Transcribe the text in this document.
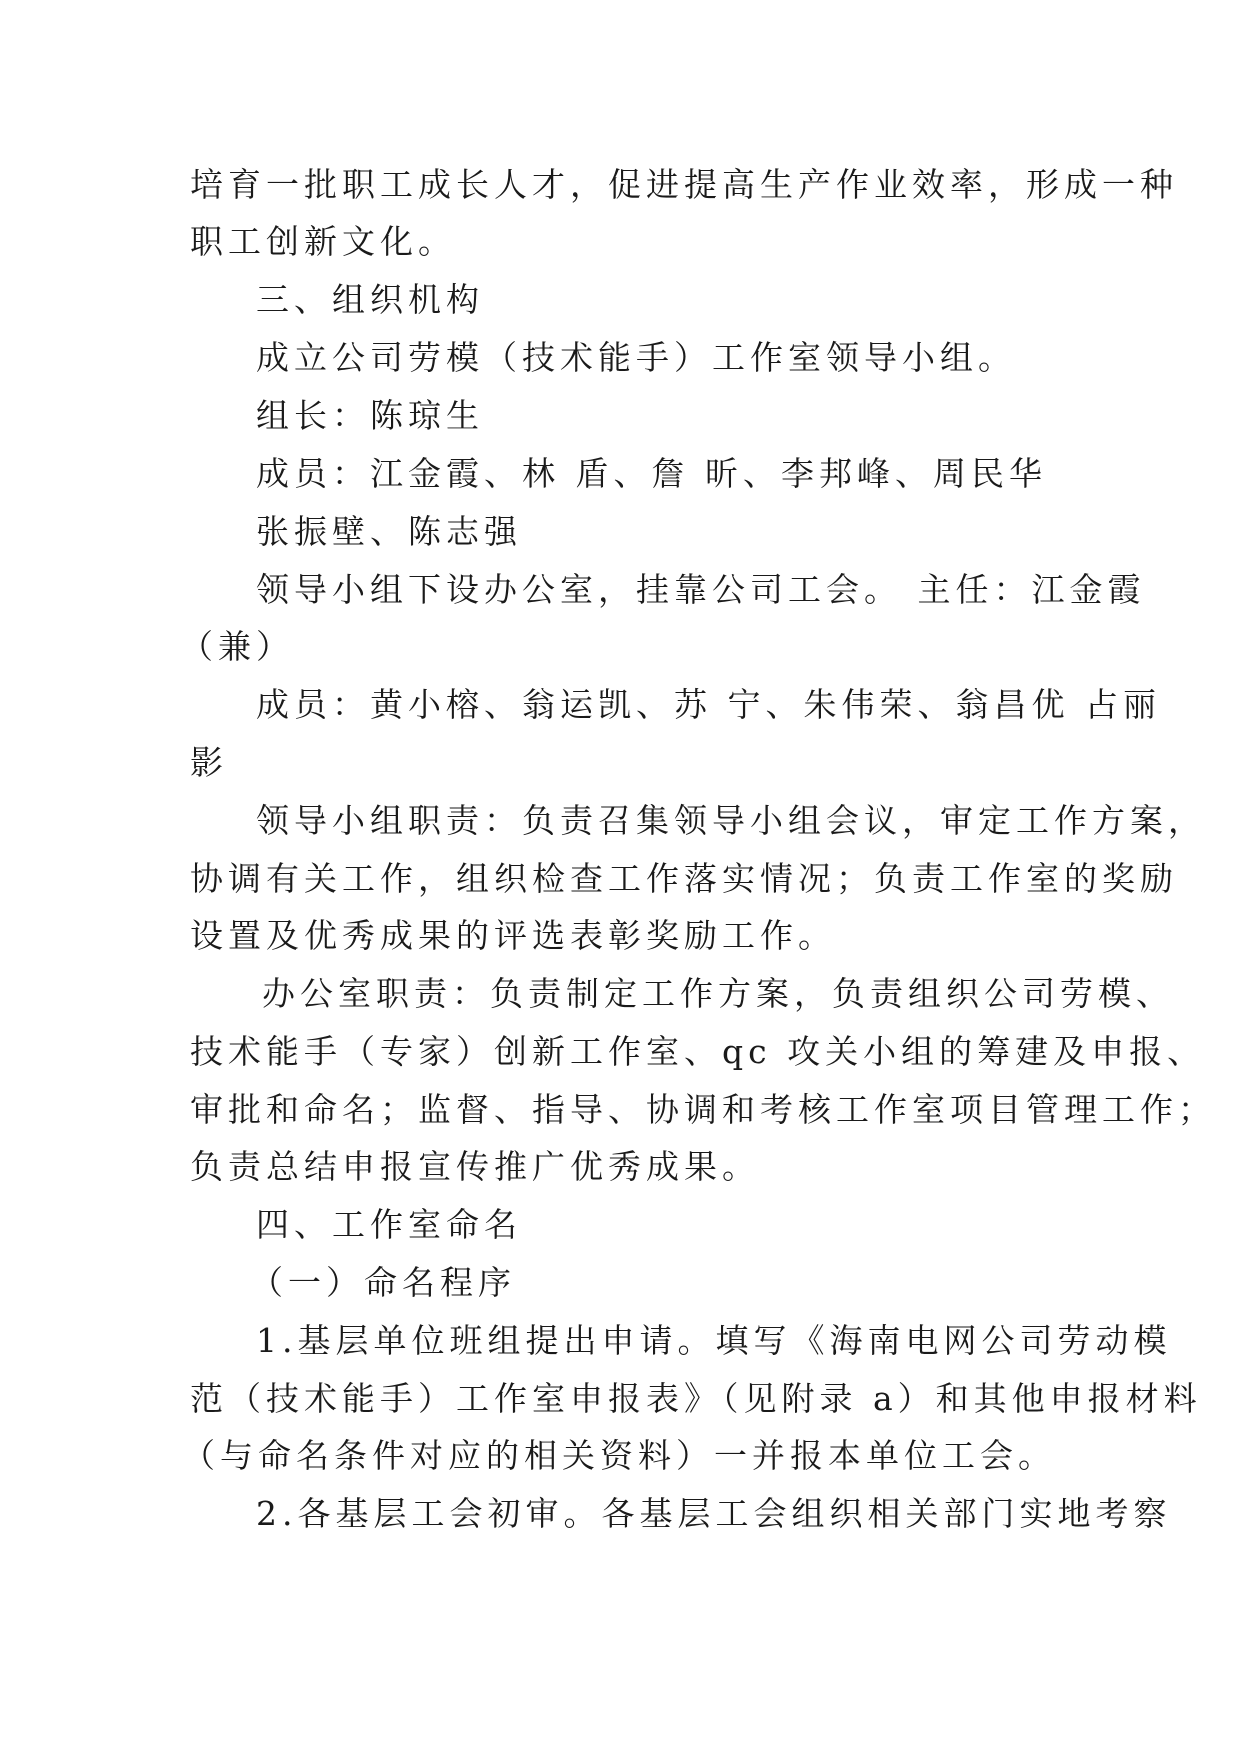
培育一批职工成长人才，促进提高生产作业效率，形成一种
职工创新文化。
三、组织机构
成立公司劳模（技术能手）工作室领导小组。
组长：陈琼生
成员：江金霞、林 盾、詹 昕、李邦峰、周民华
张振壁、陈志强
领导小组下设办公室，挂靠公司工会。 主任：江金霞
（兼）
成员：黄小榕、翁运凯、苏 宁、朱伟荣、翁昌优 占丽
影
领导小组职责：负责召集领导小组会议，审定工作方案，
协调有关工作，组织检查工作落实情况；负责工作室的奖励
设置及优秀成果的评选表彰奖励工作。
办公室职责：负责制定工作方案，负责组织公司劳模、
技术能手（专家）创新工作室、qc 攻关小组的筹建及申报、
审批和命名；监督、指导、协调和考核工作室项目管理工作；
负责总结申报宣传推广优秀成果。
四、工作室命名
（一）命名程序
1.基层单位班组提出申请。填写《海南电网公司劳动模
范（技术能手）工作室申报表》（见附录 a）和其他申报材料
（与命名条件对应的相关资料）一并报本单位工会。
2.各基层工会初审。各基层工会组织相关部门实地考察
